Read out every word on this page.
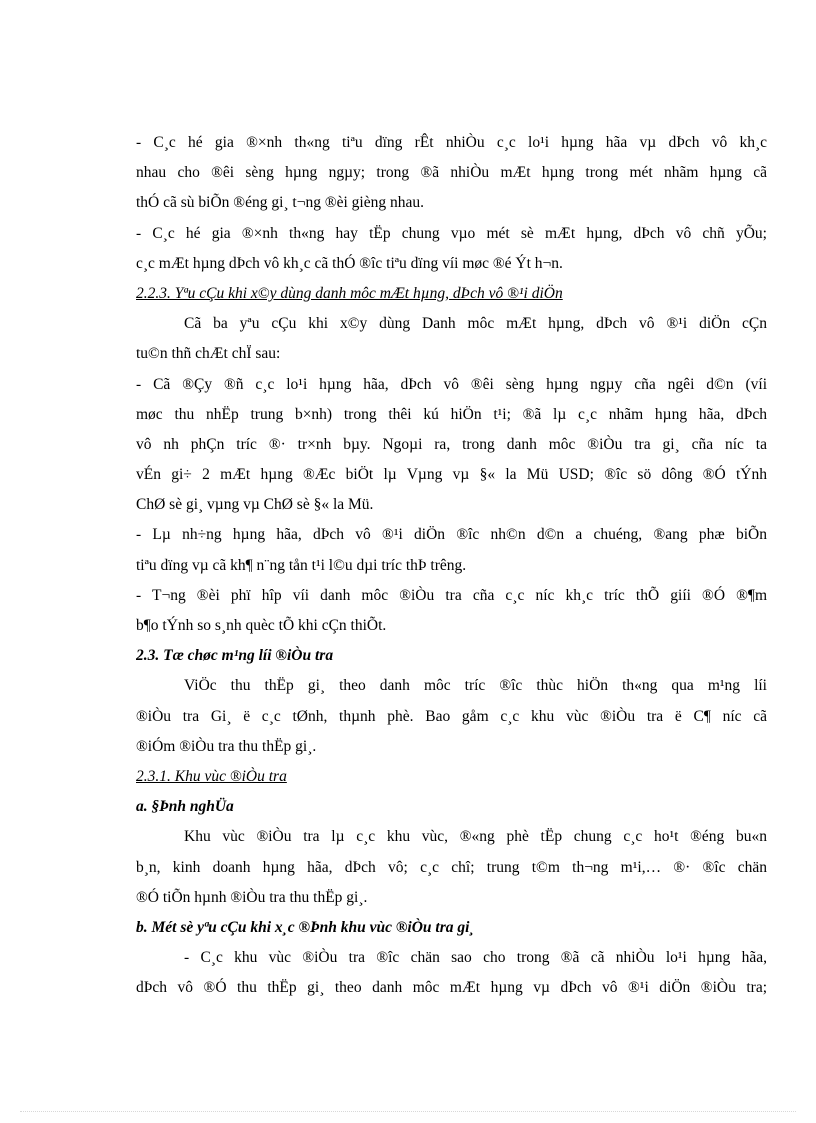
- C¸c hé gia ®×nh th«ng tiªu dïng rÊt nhiÒu c¸c lo¹i hµng hãa vµ dÞch vô kh¸c
nhau cho ®êi sèng hµng ngµy; trong ®ã nhiÒu mÆt hµng trong mét nhãm hµng cã
thÓ cã sù biÕn ®éng gi¸ t¬ng ®èi gièng nhau.
- C¸c hé gia ®×nh th«ng hay tËp chung vµo mét sè mÆt hµng, dÞch vô chñ yÕu;
c¸c mÆt hµng dÞch vô kh¸c cã thÓ ®îc tiªu dïng víi møc ®é Ýt h¬n.
2.2.3. Yªu cÇu khi x©y dùng danh môc mÆt hµng, dÞch vô ®¹i diÖn
Cã ba yªu cÇu khi x©y dùng Danh môc mÆt hµng, dÞch vô ®¹i diÖn cÇn
tu©n thñ chÆt chÏ sau:
- Cã ®Çy ®ñ c¸c lo¹i hµng hãa, dÞch vô ®êi sèng hµng ngµy cña ngêi d©n (víi
møc thu nhËp trung b×nh) trong thêi kú hiÖn t¹i; ®ã lµ c¸c nhãm hµng hãa, dÞch
vô nh phÇn tríc ®· tr×nh bµy. Ngoµi ra, trong danh môc ®iÒu tra gi¸ cña níc ta
vÉn gi÷ 2 mÆt hµng ®Æc biÖt lµ Vµng vµ §« la Mü USD; ®îc sö dông ®Ó tÝnh
ChØ sè gi¸ vµng vµ ChØ sè §« la Mü.
- Lµ nh÷ng hµng hãa, dÞch vô ®¹i diÖn ®îc nh©n d©n a chuéng, ®ang phæ biÕn
tiªu dïng vµ cã kh¶ n¨ng tån t¹i l©u dµi tríc thÞ trêng.
- T¬ng ®èi phï hîp víi danh môc ®iÒu tra cña c¸c níc kh¸c tríc thÕ giíi ®Ó ®¶m
b¶o tÝnh so s¸nh quèc tÕ khi cÇn thiÕt.
2.3. Tæ chøc m¹ng líi ®iÒu tra
ViÖc thu thËp gi¸ theo danh môc tríc ®îc thùc hiÖn th«ng qua m¹ng líi
®iÒu tra Gi¸ ë c¸c tØnh, thµnh phè. Bao gåm c¸c khu vùc ®iÒu tra ë C¶ níc cã
®iÓm ®iÒu tra thu thËp gi¸.
2.3.1. Khu vùc ®iÒu tra
a. §Þnh nghÜa
Khu vùc ®iÒu tra lµ c¸c khu vùc, ®«ng phè tËp chung c¸c ho¹t ®éng bu«n
b¸n, kinh doanh hµng hãa, dÞch vô; c¸c chî; trung t©m th¬ng m¹i,… ®· ®îc chän
®Ó tiÕn hµnh ®iÒu tra thu thËp gi¸.
b. Mét sè yªu cÇu khi x¸c ®Þnh khu vùc ®iÒu tra gi¸
- C¸c khu vùc ®iÒu tra ®îc chän sao cho trong ®ã cã nhiÒu lo¹i hµng hãa,
dÞch vô ®Ó thu thËp gi¸ theo danh môc mÆt hµng vµ dÞch vô ®¹i diÖn ®iÒu tra;
